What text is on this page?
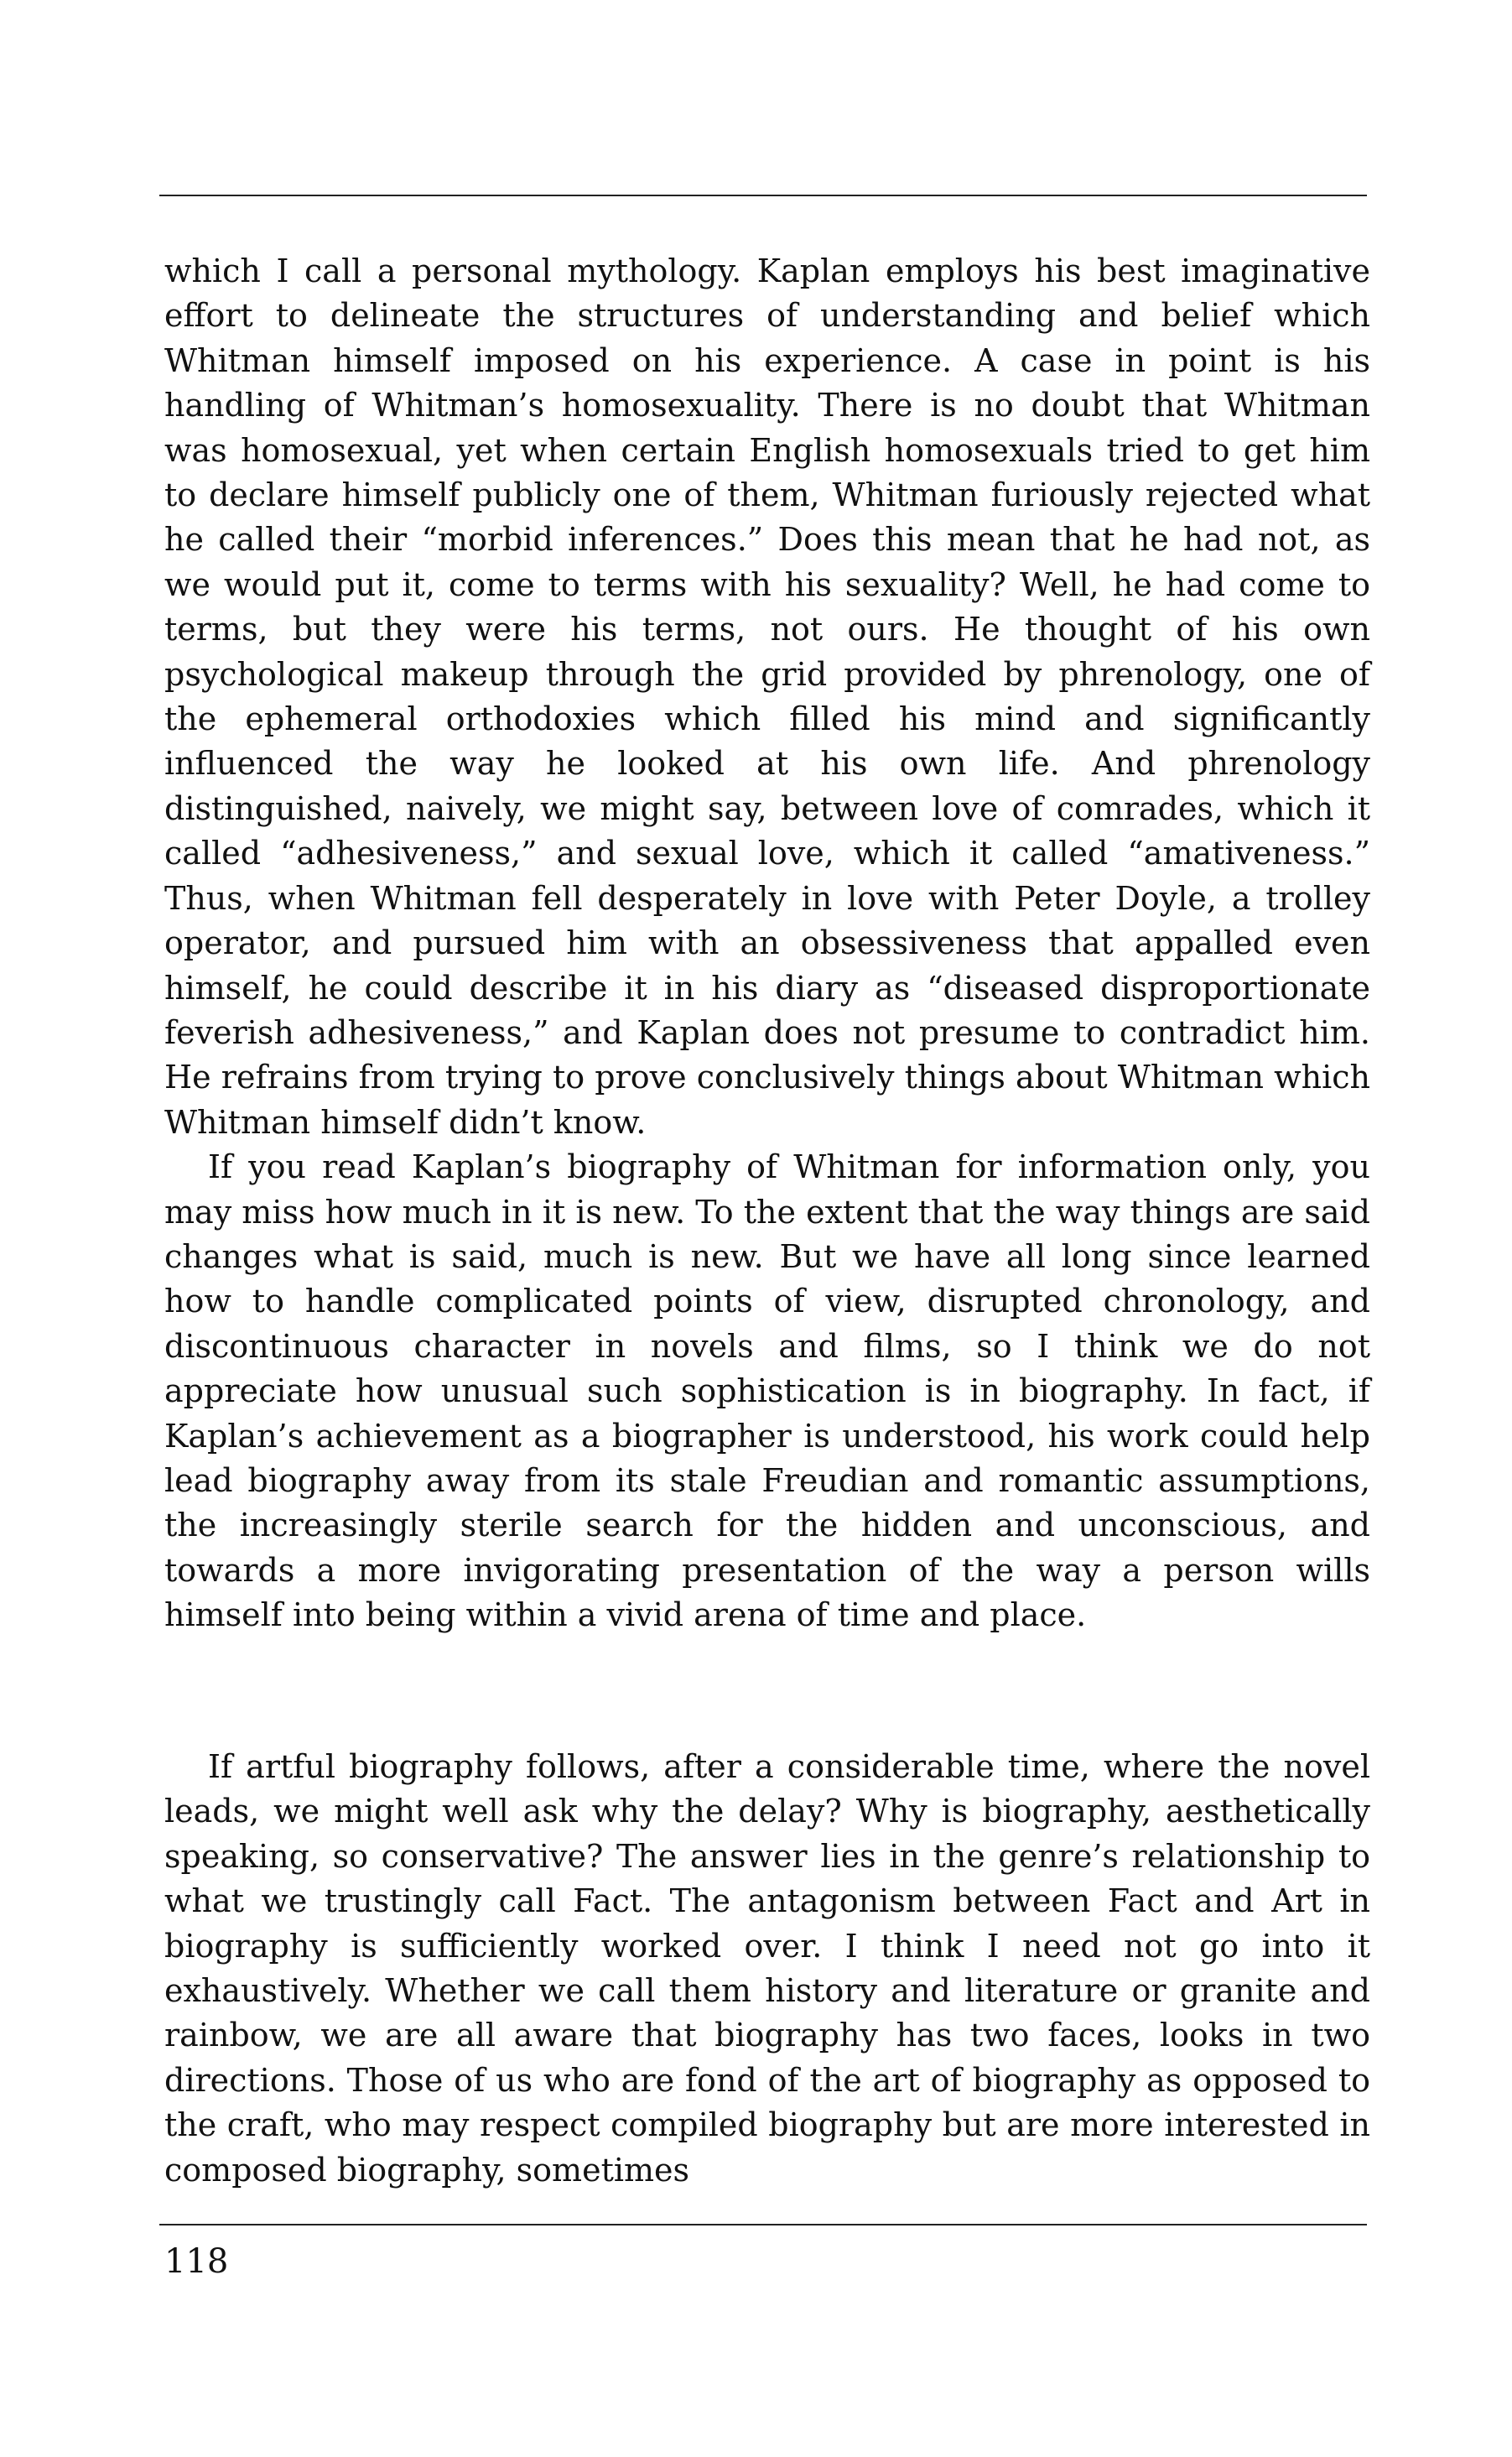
which I call a personal mythology. Kaplan employs his best imaginative effort to delineate the structures of understanding and belief which Whitman himself imposed on his experience. A case in point is his handling of Whitman’s homosexuality. There is no doubt that Whitman was homosexual, yet when certain English homosexuals tried to get him to declare himself publicly one of them, Whitman furiously rejected what he called their “morbid inferences.” Does this mean that he had not, as we would put it, come to terms with his sexuality? Well, he had come to terms, but they were his terms, not ours. He thought of his own psychological makeup through the grid provided by phrenology, one of the ephemeral orthodoxies which filled his mind and significantly influenced the way he looked at his own life. And phrenology distinguished, naively, we might say, between love of comrades, which it called “adhesiveness,” and sexual love, which it called “amativeness.” Thus, when Whitman fell desperately in love with Peter Doyle, a trolley operator, and pursued him with an obsessiveness that appalled even himself, he could describe it in his diary as “diseased disproportionate feverish adhesiveness,” and Kaplan does not presume to contradict him. He refrains from trying to prove conclusively things about Whitman which Whitman himself didn’t know.

If you read Kaplan’s biography of Whitman for information only, you may miss how much in it is new. To the extent that the way things are said changes what is said, much is new. But we have all long since learned how to handle complicated points of view, disrupted chronology, and discontinuous character in novels and films, so I think we do not appreciate how unusual such sophistication is in biography. In fact, if Kaplan’s achievement as a biographer is understood, his work could help lead biography away from its stale Freudian and romantic assumptions, the increasingly sterile search for the hidden and unconscious, and towards a more invigorating presentation of the way a person wills himself into being within a vivid arena of time and place.

If artful biography follows, after a considerable time, where the novel leads, we might well ask why the delay? Why is biography, aesthetically speaking, so conservative? The answer lies in the genre’s relationship to what we trustingly call Fact. The antagonism between Fact and Art in biography is sufficiently worked over. I think I need not go into it exhaustively. Whether we call them history and literature or granite and rainbow, we are all aware that biography has two faces, looks in two directions. Those of us who are fond of the art of biography as opposed to the craft, who may respect compiled biography but are more interested in composed biography, sometimes

118
